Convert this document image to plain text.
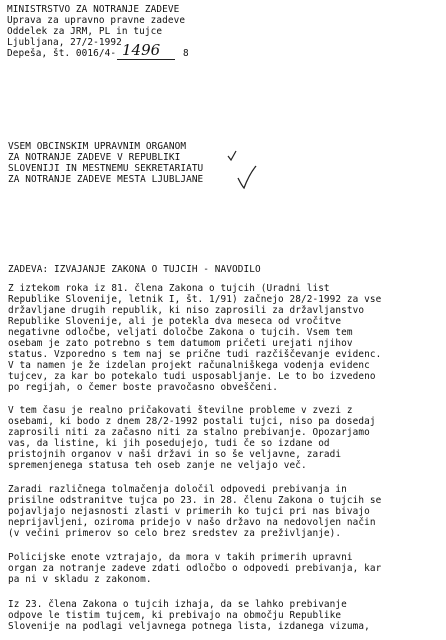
MINISTRSTVO ZA NOTRANJE ZADEVE
Uprava za upravno pravne zadeve
Oddelek za JRM, PL in tujce
Ljubljana, 27/2-1992
Depeša, št. 0016/4- 1496 8
VSEM OBCINSKIM UPRAVNIM ORGANOM
ZA NOTRANJE ZADEVE V REPUBLIKI
SLOVENIJI IN MESTNEMU SEKRETARIATU
ZA NOTRANJE ZADEVE MESTA LJUBLJANE
ZADEVA: IZVAJANJE ZAKONA O TUJCIH - NAVODILO
Z iztekom roka iz 81. člena Zakona o tujcih (Uradni list
Republike Slovenije, letnik I, št. 1/91) začnejo 28/2-1992 za vse
državljane drugih republik, ki niso zaprosili za državljanstvo
Republike Slovenije, ali je potekla dva meseca od vročitve
negativne odločbe, veljati določbe Zakona o tujcih. Vsem tem
osebam je zato potrebno s tem datumom pričeti urejati njihov
status. Vzporedno s tem naj se prične tudi razčiščevanje evidenc.
V ta namen je že izdelan projekt računalniškega vodenja evidenc
tujcev, za kar bo potekalo tudi usposabljanje. Le to bo izvedeno
po regijah, o čemer boste pravočasno obveščeni.
V tem času je realno pričakovati številne probleme v zvezi z
osebami, ki bodo z dnem 28/2-1992 postali tujci, niso pa dosedaj
zaprosili niti za začasno niti za stalno prebivanje. Opozarjamo
vas, da listine, ki jih posedujejo, tudi če so izdane od
pristojnih organov v naši državi in so še veljavne, zaradi
spremenjenega statusa teh oseb zanje ne veljajo več.
Zaradi različnega tolmačenja določil odpovedi prebivanja in
prisilne odstranitve tujca po 23. in 28. členu Zakona o tujcih se
pojavljajo nejasnosti zlasti v primerih ko tujci pri nas bivajo
neprijavljeni, oziroma pridejo v našo državo na nedovoljen način
(v večini primerov so celo brez sredstev za preživljanje).
Policijske enote vztrajajo, da mora v takih primerih upravni
organ za notranje zadeve zdati odločbo o odpovedi prebivanja, kar
pa ni v skladu z zakonom.
Iz 23. člena Zakona o tujcih izhaja, da se lahko prebivanje
odpove le tistim tujcem, ki prebivajo na območju Republike
Slovenije na podlagi veljavnega potnega lista, izdanega vizuma,
